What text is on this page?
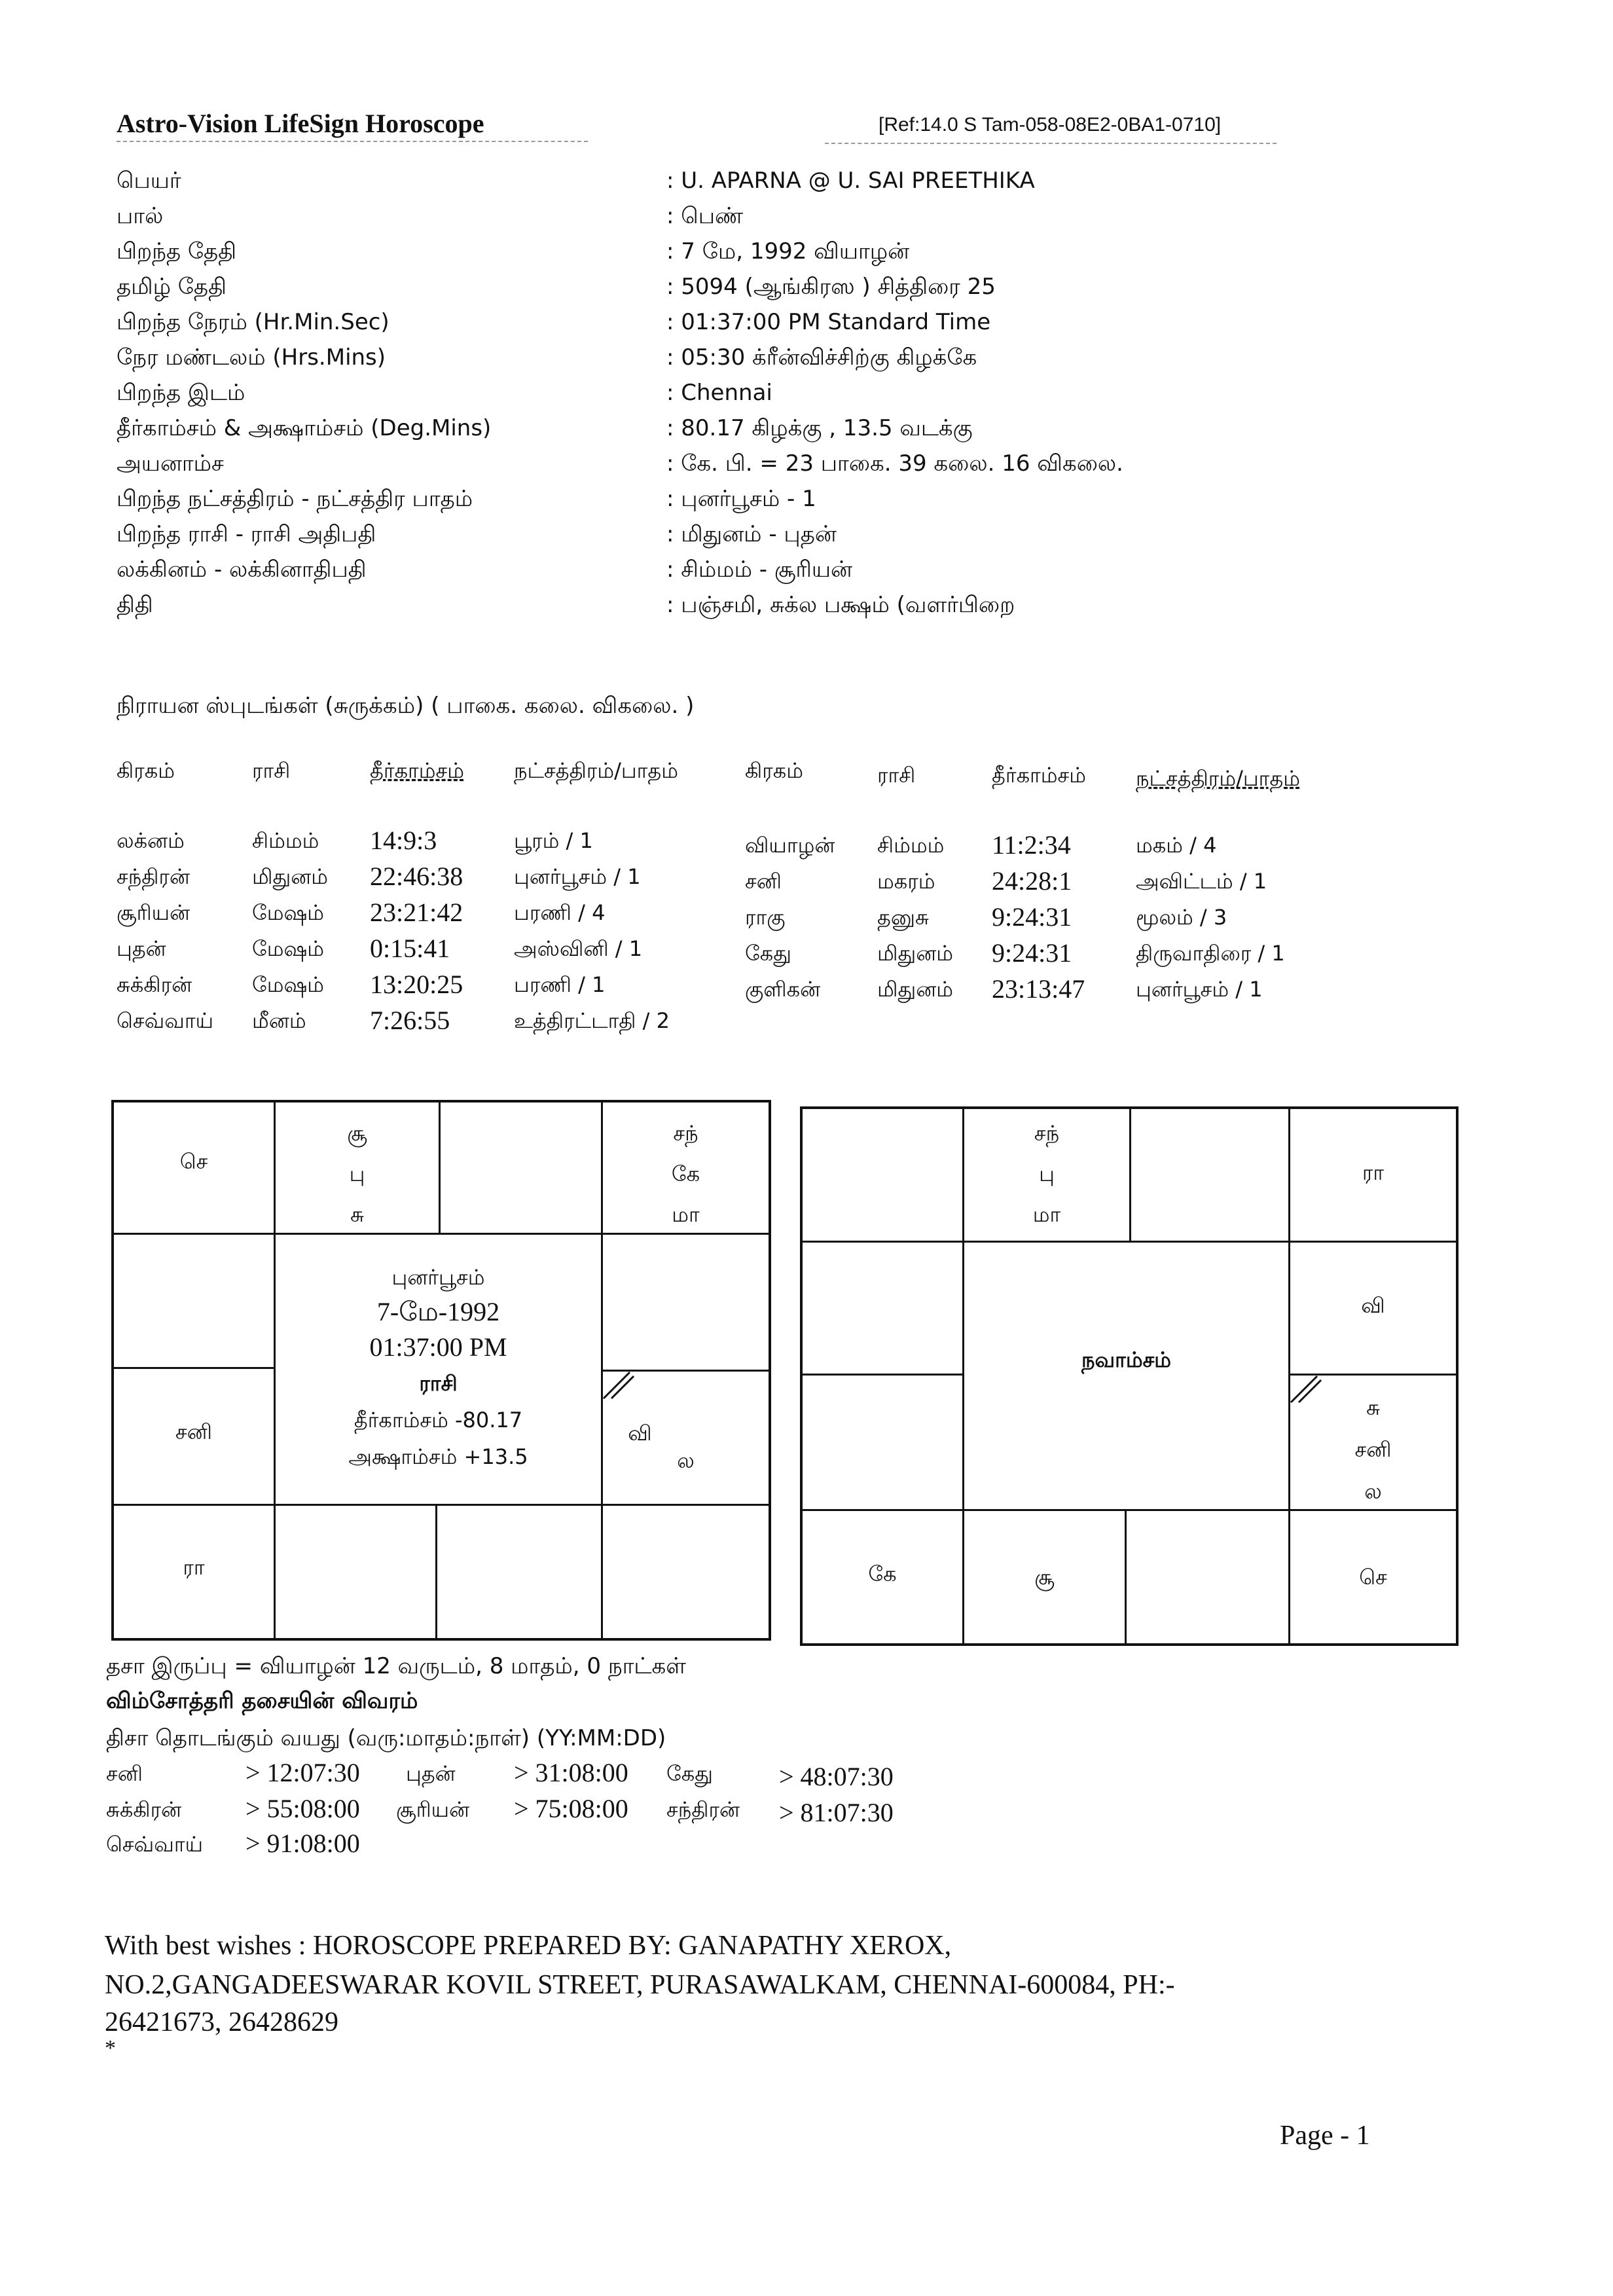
Astro-Vision LifeSign Horoscope	[Ref:14.0 S Tam-058-08E2-0BA1-0710]
பெயர்	: U. APARNA @ U. SAI PREETHIKA
பால்	: பெண்
பிறந்த தேதி	: 7 மே, 1992 வியாழன்
தமிழ் தேதி	: 5094 (ஆங்கிரஸ ) சித்திரை 25
பிறந்த நேரம் (Hr.Min.Sec)	: 01:37:00 PM Standard Time
நேர மண்டலம் (Hrs.Mins)	: 05:30 க்ரீன்விச்சிற்கு கிழக்கே
பிறந்த இடம்	: Chennai
தீர்காம்சம் & அக்ஷாம்சம் (Deg.Mins)	: 80.17 கிழக்கு , 13.5 வடக்கு
அயனாம்ச	: கே. பி. = 23 பாகை. 39 கலை. 16 விகலை.
பிறந்த நட்சத்திரம் - நட்சத்திர பாதம்	: புனர்பூசம் - 1
பிறந்த ராசி - ராசி அதிபதி	: மிதுனம் - புதன்
லக்கினம் - லக்கினாதிபதி	: சிம்மம் - சூரியன்
திதி	: பஞ்சமி, சுக்ல பக்ஷம் (வளர்பிறை
நிராயன ஸ்புடங்கள் (சுருக்கம்) ( பாகை. கலை. விகலை. )
கிரகம்	ராசி	தீர்காம்சம் நட்சத்திரம்/பாதம்	கிரகம்	ராசி	தீர்காம்சம் நட்சத்திரம்/பாதம்
லக்னம்	சிம்மம் 14:9:3	பூரம் / 1
சந்திரன்	மிதுனம் 22:46:38 புனர்பூசம் / 1
சூரியன்	மேஷம் 23:21:42 பரணி / 4
புதன்	மேஷம் 0:15:41	அஸ்வினி / 1
சுக்கிரன்	மேஷம் 13:20:25 பரணி / 1
செவ்வாய் மீனம் 7:26:55	உத்திரட்டாதி / 2
வியாழன் சிம்மம் 11:2:34	மகம் / 4
சனி	மகரம் 24:28:1	அவிட்டம் / 1
ராகு	தனுசு 9:24:31	மூலம் / 3
கேது	மிதுனம் 9:24:31	திருவாதிரை / 1
குளிகன்	மிதுனம் 23:13:47 புனர்பூசம் / 1
செ
சூ
பு
சு
சந்
கே
மா
சனி	வி  ல
ரா
புனர்பூசம்
7-மே-1992
01:37:00 PM
ராசி
தீர்காம்சம் -80.17
அக்ஷாம்சம் +13.5
சந்
பு
மா
ரா
வி
சு
சனி
ல
கே	சூ	செ
நவாம்சம்
தசா இருப்பு = வியாழன் 12 வருடம், 8 மாதம், 0 நாட்கள்
விம்சோத்தரி தசையின் விவரம்
திசா தொடங்கும் வயது (வரு:மாதம்:நாள்) (YY:MM:DD)
சனி	> 12:07:30 புதன் > 31:08:00 கேது	> 48:07:30
சுக்கிரன் > 55:08:00 சூரியன் > 75:08:00 சந்திரன் > 81:07:30
செவ்வாய் > 91:08:00
With best wishes : HOROSCOPE PREPARED BY: GANAPATHY XEROX,
NO.2,GANGADEESWARAR KOVIL STREET, PURASAWALKAM, CHENNAI-600084, PH:-
26421673, 26428629
*
Page - 1
